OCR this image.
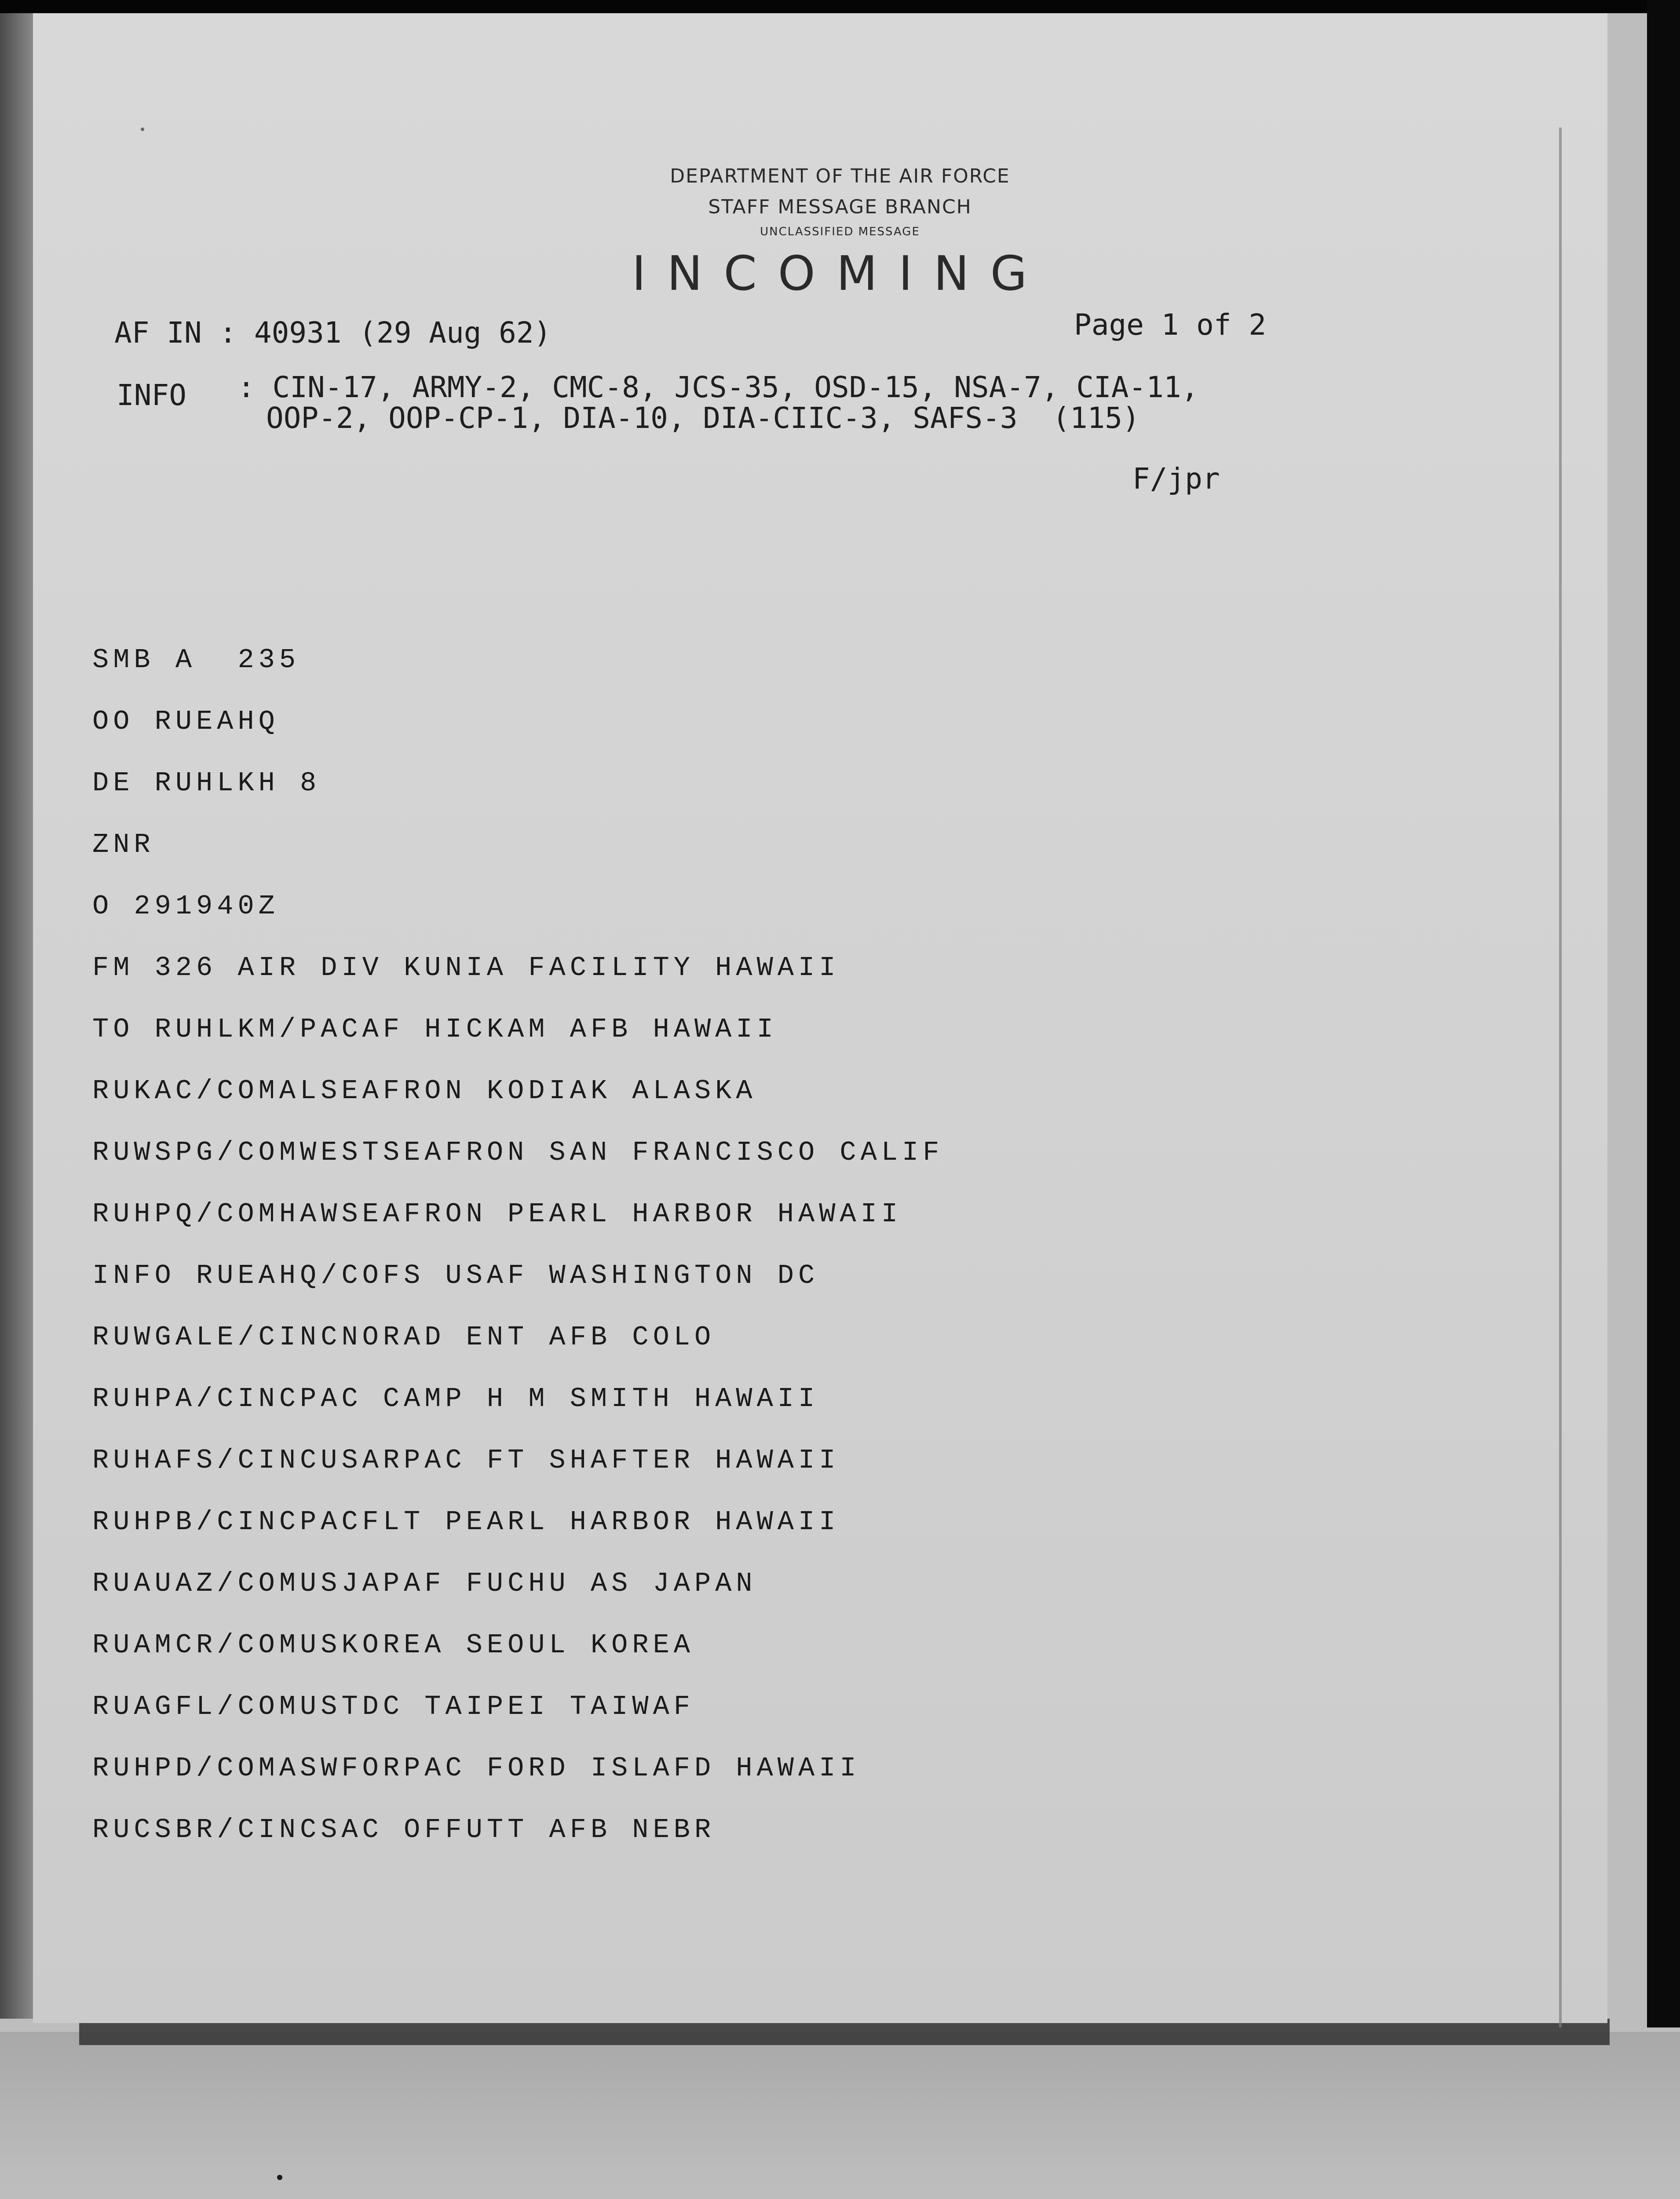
DEPARTMENT OF THE AIR FORCE
STAFF MESSAGE BRANCH
UNCLASSIFIED MESSAGE
INCOMING
AF IN : 40931 (29 Aug 62)	Page 1 of 2
INFO : CIN-17, ARMY-2, CMC-8, JCS-35, OSD-15, NSA-7, CIA-11,
OOP-2, OOP-CP-1, DIA-10, DIA-CIIC-3, SAFS-3  (115)
F/jpr
SMB A  235
OO RUEAHQ
DE RUHLKH 8
ZNR
O 291940Z
FM 326 AIR DIV KUNIA FACILITY HAWAII
TO RUHLKM/PACAF HICKAM AFB HAWAII
RUKAC/COMALSEAFRON KODIAK ALASKA
RUWSPG/COMWESTSEAFRON SAN FRANCISCO CALIF
RUHPQ/COMHAWSEAFRON PEARL HARBOR HAWAII
INFO RUEAHQ/COFS USAF WASHINGTON DC
RUWGALE/CINCNORAD ENT AFB COLO
RUHPA/CINCPAC CAMP H M SMITH HAWAII
RUHAFS/CINCUSARPAC FT SHAFTER HAWAII
RUHPB/CINCPACFLT PEARL HARBOR HAWAII
RUAUAZ/COMUSJAPAF FUCHU AS JAPAN
RUAMCR/COMUSKOREA SEOUL KOREA
RUAGFL/COMUSTDC TAIPEI TAIWAF
RUHPD/COMASWFORPAC FORD ISLAFD HAWAII
RUCSBR/CINCSAC OFFUTT AFB NEBR
